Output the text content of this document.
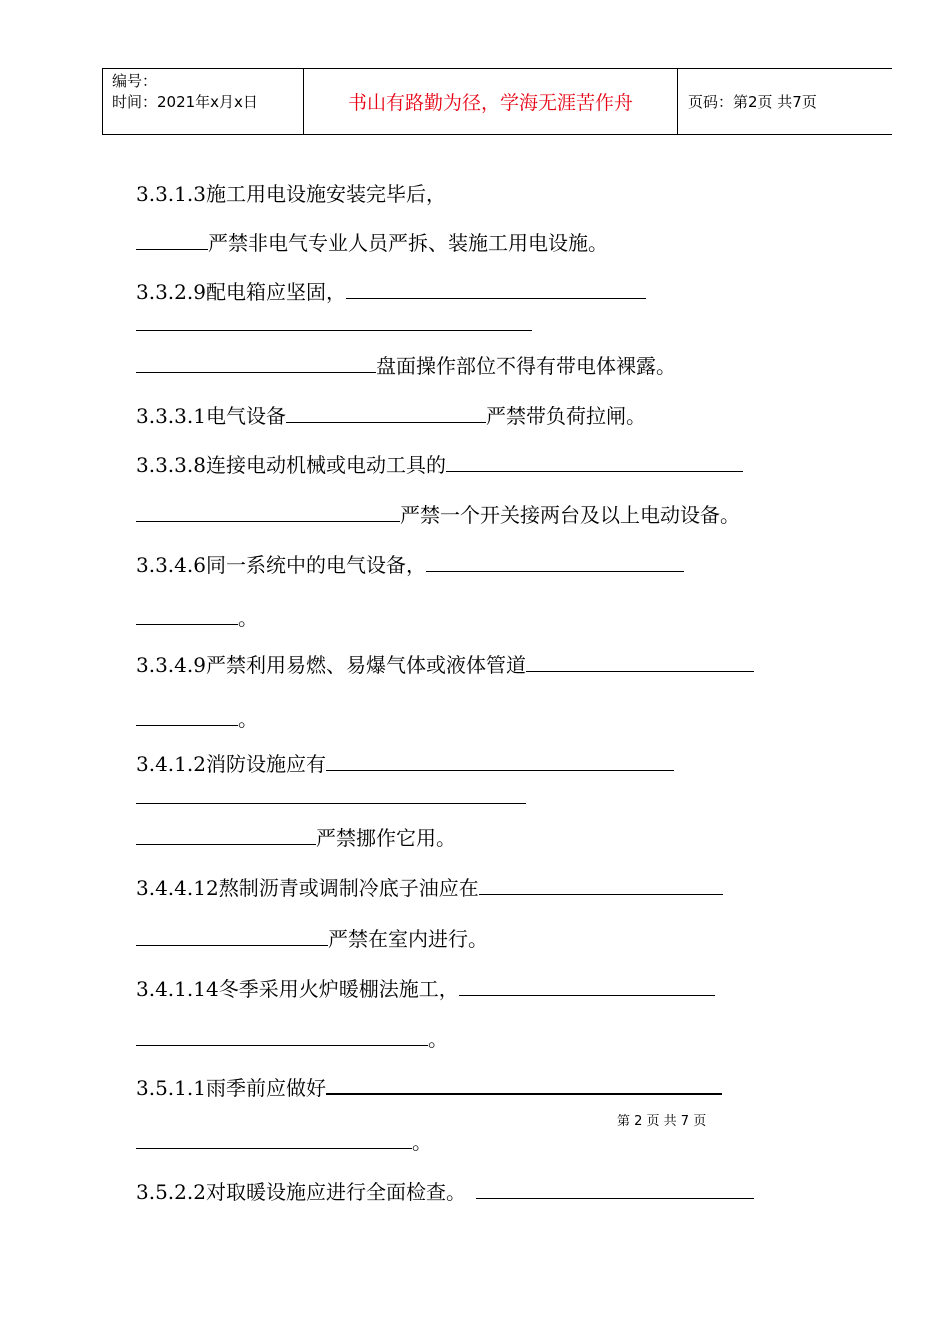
编号：
时间：2021年x月x日	书山有路勤为径，学海无涯苦作舟	页码：第2页 共7页
3.3.1.3施工用电设施安装完毕后，
严禁非电气专业人员严拆、装施工用电设施。
3.3.2.9配电箱应坚固，
盘面操作部位不得有带电体裸露。
3.3.3.1电气设备	严禁带负荷拉闸。
3.3.3.8连接电动机械或电动工具的
严禁一个开关接两台及以上电动设备。
3.3.4.6同一系统中的电气设备，
。
3.3.4.9严禁利用易燃、易爆气体或液体管道
。
3.4.1.2消防设施应有
严禁挪作它用。
3.4.4.12熬制沥青或调制冷底子油应在
严禁在室内进行。
3.4.1.14冬季采用火炉暖棚法施工，
。
3.5.1.1雨季前应做好
。
3.5.2.2对取暖设施应进行全面检查。
第 2 页 共 7 页
